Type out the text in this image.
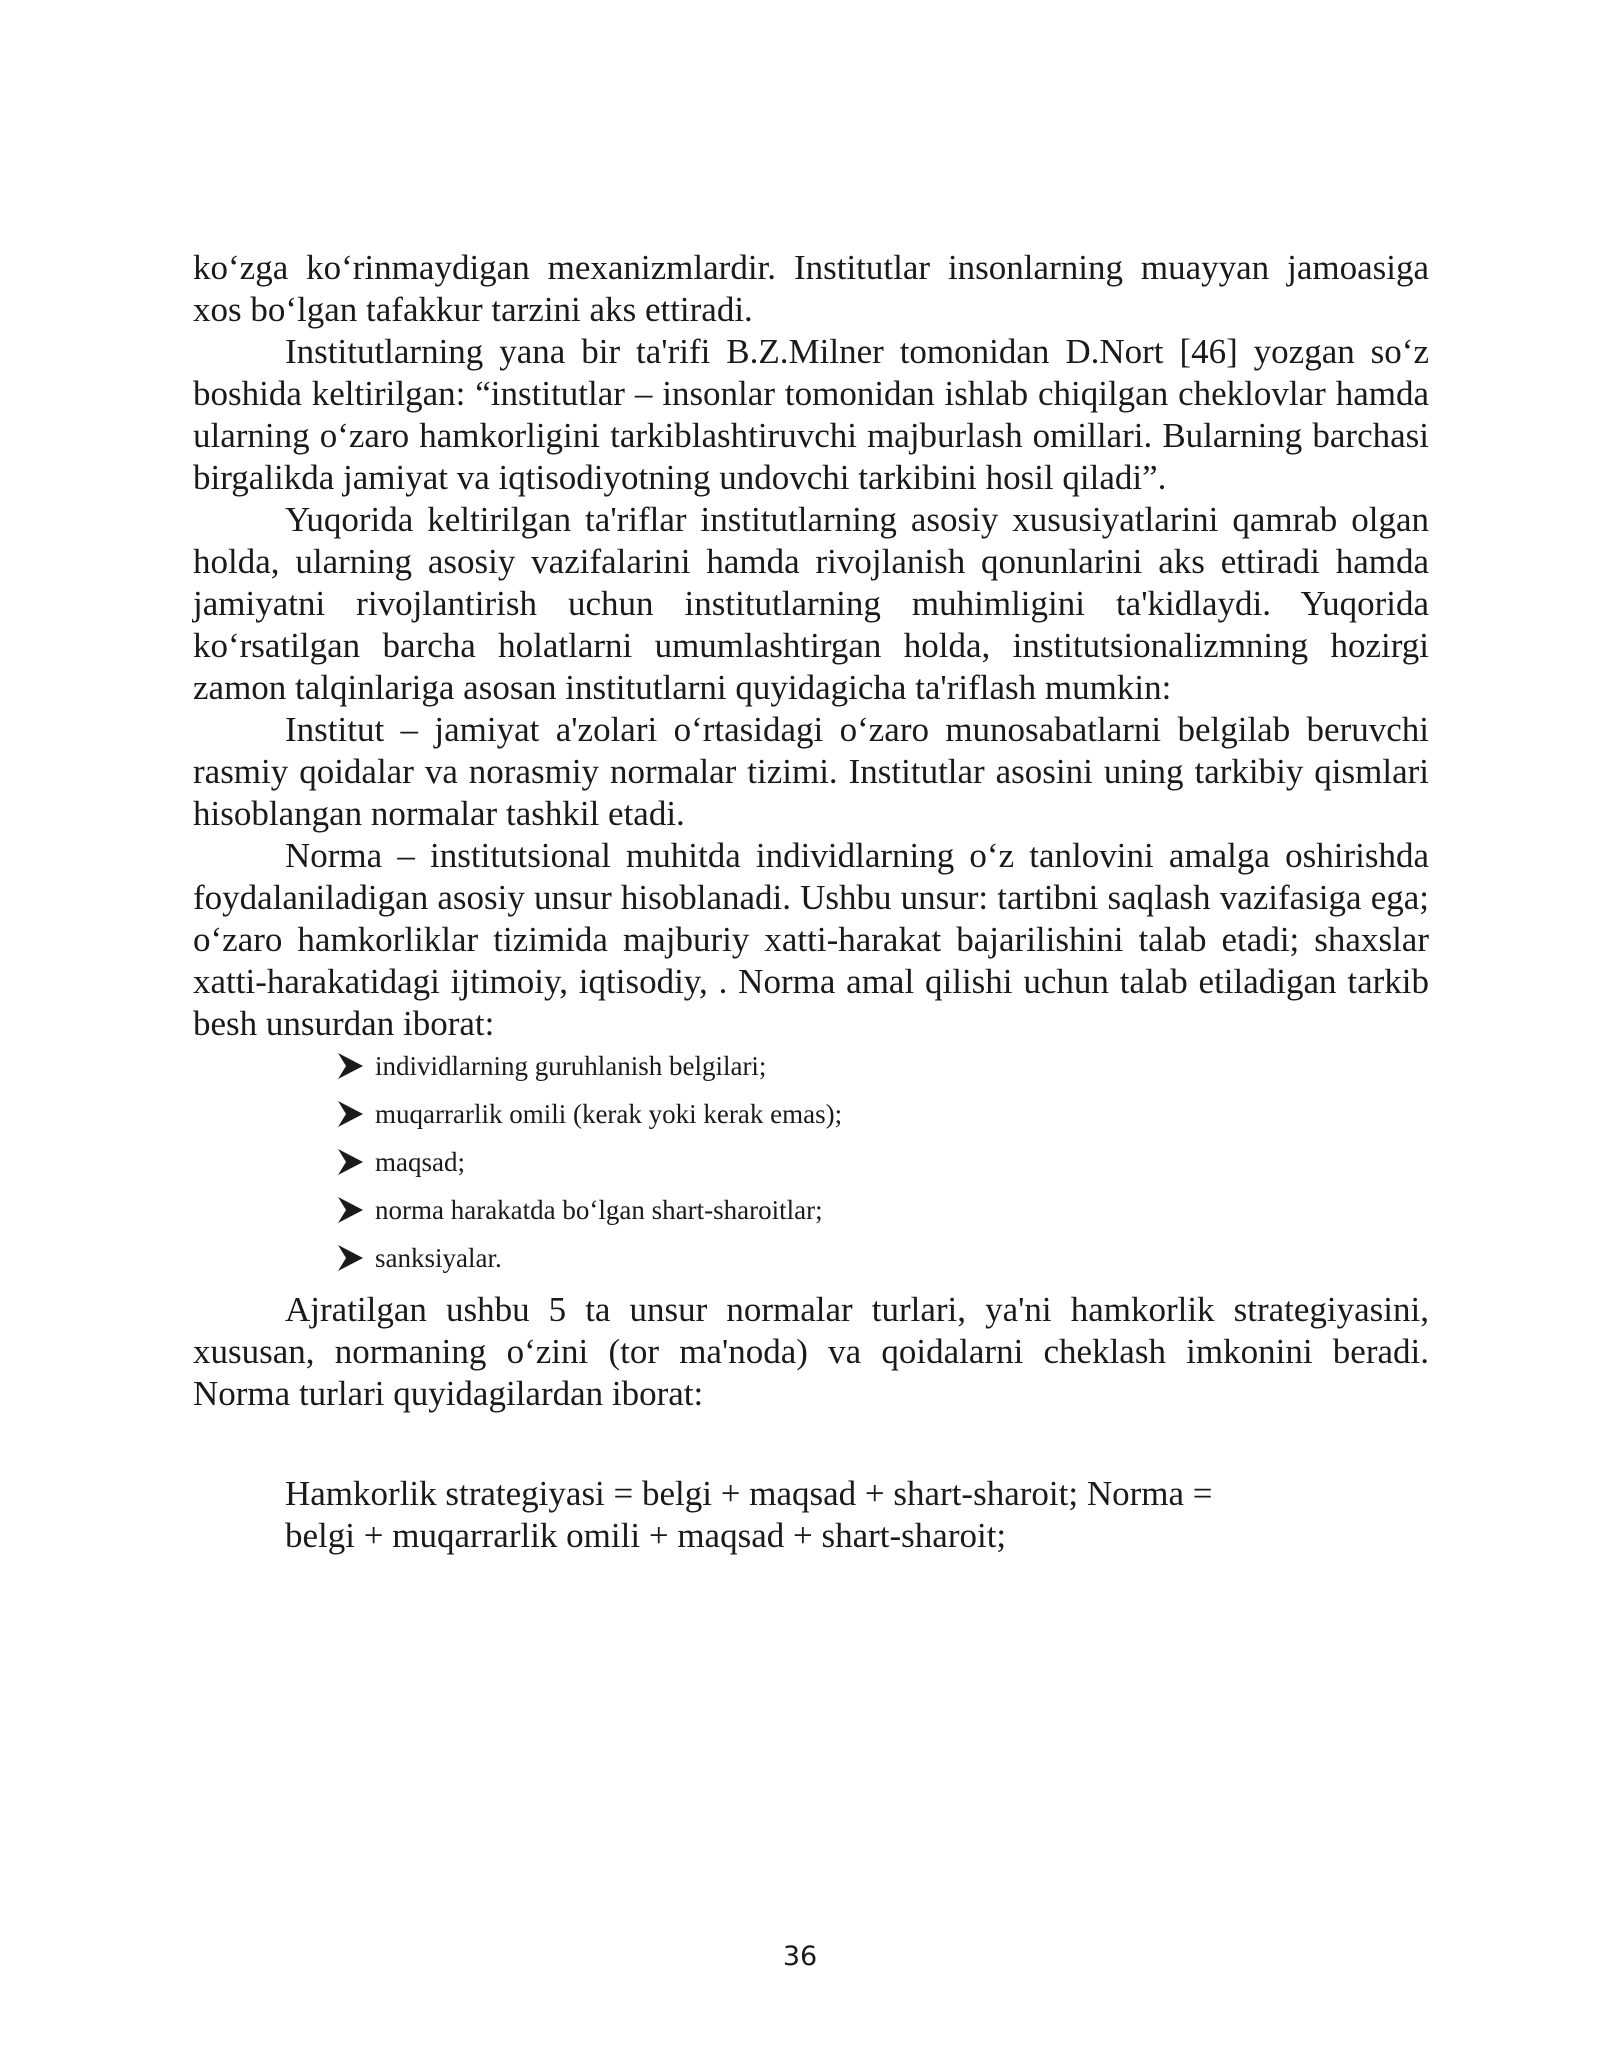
ko‘zga ko‘rinmaydigan mexanizmlardir. Institutlar insonlarning muayyan jamoasiga xos bo‘lgan tafakkur tarzini aks ettiradi.

Institutlarning yana bir ta'rifi B.Z.Milner tomonidan D.Nort [46] yozgan so‘z boshida keltirilgan: “institutlar – insonlar tomonidan ishlab chiqilgan cheklovlar hamda ularning o‘zaro hamkorligini tarkiblashtiruvchi majburlash omillari. Bularning barchasi birgalikda jamiyat va iqtisodiyotning undovchi tarkibini hosil qiladi”.

Yuqorida keltirilgan ta'riflar institutlarning asosiy xususiyatlarini qamrab olgan holda, ularning asosiy vazifalarini hamda rivojlanish qonunlarini aks ettiradi hamda jamiyatni rivojlantirish uchun institutlarning muhimligini ta'kidlaydi. Yuqorida ko‘rsatilgan barcha holatlarni umumlashtirgan holda, institutsionalizmning hozirgi zamon talqinlariga asosan institutlarni quyidagicha ta'riflash mumkin:

Institut – jamiyat a'zolari o‘rtasidagi o‘zaro munosabatlarni belgilab beruvchi rasmiy qoidalar va norasmiy normalar tizimi. Institutlar asosini uning tarkibiy qismlari hisoblangan normalar tashkil etadi.

Norma – institutsional muhitda individlarning o‘z tanlovini amalga oshirishda foydalaniladigan asosiy unsur hisoblanadi. Ushbu unsur: tartibni saqlash vazifasiga ega; o‘zaro hamkorliklar tizimida majburiy xatti-harakat bajarilishini talab etadi; shaxslar xatti-harakatidagi ijtimoiy, iqtisodiy, . Norma amal qilishi uchun talab etiladigan tarkib besh unsurdan iborat:

individlarning guruhlanish belgilari;
muqarrarlik omili (kerak yoki kerak emas);
maqsad;
norma harakatda bo‘lgan shart-sharoitlar;
sanksiyalar.

Ajratilgan ushbu 5 ta unsur normalar turlari, ya'ni hamkorlik strategiyasini, xususan, normaning o‘zini (tor ma'noda) va qoidalarni cheklash imkonini beradi. Norma turlari quyidagilardan iborat:

Hamkorlik strategiyasi = belgi + maqsad + shart-sharoit; Norma =
belgi + muqarrarlik omili + maqsad + shart-sharoit;
36
